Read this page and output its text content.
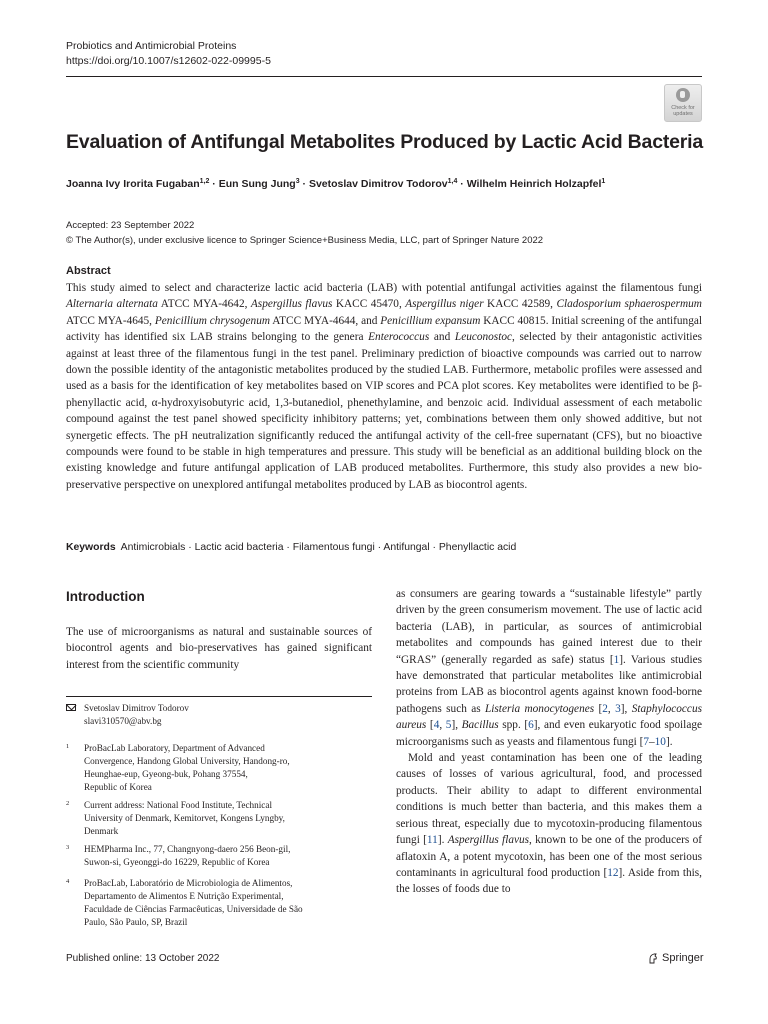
Probiotics and Antimicrobial Proteins
https://doi.org/10.1007/s12602-022-09995-5
Check for
updates
Evaluation of Antifungal Metabolites Produced by Lactic Acid Bacteria
Joanna Ivy Irorita Fugaban$^{1,2}$ · Eun Sung Jung$^3$ · Svetoslav Dimitrov Todorov$^{1,4}$ · Wilhelm Heinrich Holzapfel$^1$
Accepted: 23 September 2022
© The Author(s), under exclusive licence to Springer Science+Business Media, LLC, part of Springer Nature 2022
Abstract
This study aimed to select and characterize lactic acid bacteria (LAB) with potential antifungal activities against the filamentous fungi Alternaria alternata ATCC MYA-4642, Aspergillus flavus KACC 45470, Aspergillus niger KACC 42589, Cladosporium sphaerospermum ATCC MYA-4645, Penicillium chrysogenum ATCC MYA-4644, and Penicillium expansum KACC 40815. Initial screening of the antifungal activity has identified six LAB strains belonging to the genera Enterococcus and Leuconostoc, selected by their antagonistic activities against at least three of the filamentous fungi in the test panel. Preliminary prediction of bioactive compounds was carried out to narrow down the possible identity of the antagonistic metabolites produced by the studied LAB. Furthermore, metabolic profiles were assessed and used as a basis for the identification of key metabolites based on VIP scores and PCA plot scores. Key metabolites were identified to be β-phenyllactic acid, α-hydroxyisobutyric acid, 1,3-butanediol, phenethylamine, and benzoic acid. Individual assessment of each metabolic compound against the test panel showed specificity inhibitory patterns; yet, combinations between them only showed additive, but not synergetic effects. The pH neutralization significantly reduced the antifungal activity of the cell-free supernatant (CFS), but no bioactive compounds were found to be stable in high temperatures and pressure. This study will be beneficial as an additional building block on the existing knowledge and future antifungal application of LAB produced metabolites. Furthermore, this study also provides a new bio-preservative perspective on unexplored antifungal metabolites produced by LAB as biocontrol agents.
Keywords Antimicrobials · Lactic acid bacteria · Filamentous fungi · Antifungal · Phenyllactic acid
Introduction
The use of microorganisms as natural and sustainable sources of biocontrol agents and bio-preservatives has gained significant interest from the scientific community
Svetoslav Dimitrov Todorov
slavi310570@abv.bg
1 ProBacLab Laboratory, Department of Advanced
Convergence, Handong Global University, Handong-ro,
Heunghae-eup, Gyeong-buk, Pohang 37554,
Republic of Korea
2 Current address: National Food Institute, Technical
University of Denmark, Kemitorvet, Kongens Lyngby,
Denmark
3 HEMPharma Inc., 77, Changnyong-daero 256 Beon-gil,
Suwon-si, Gyeonggi-do 16229, Republic of Korea
4 ProBacLab, Laboratório de Microbiologia de Alimentos,
Departamento de Alimentos E Nutrição Experimental,
Faculdade de Ciências Farmacêuticas, Universidade de São
Paulo, São Paulo, SP, Brazil
as consumers are gearing towards a “sustainable lifestyle” partly driven by the green consumerism movement. The use of lactic acid bacteria (LAB), in particular, as sources of antimicrobial metabolites and compounds has gained interest due to their “GRAS” (generally regarded as safe) status [1]. Various studies have demonstrated that particular metabolites like antimicrobial proteins from LAB as biocontrol agents against known food-borne pathogens such as Listeria monocytogenes [2, 3], Staphylococcus aureus [4, 5], Bacillus spp. [6], and even eukaryotic food spoilage microorganisms such as yeasts and filamentous fungi [7–10].
Mold and yeast contamination has been one of the leading causes of losses of various agricultural, food, and processed products. Their ability to adapt to different environmental conditions is much better than bacteria, and this makes them a serious threat, especially due to mycotoxin-producing filamentous fungi [11]. Aspergillus flavus, known to be one of the producers of aflatoxin A, a potent mycotoxin, has been one of the most serious contaminants in agricultural food production [12]. Aside from this, the losses of foods due to
Published online: 13 October 2022	Springer
